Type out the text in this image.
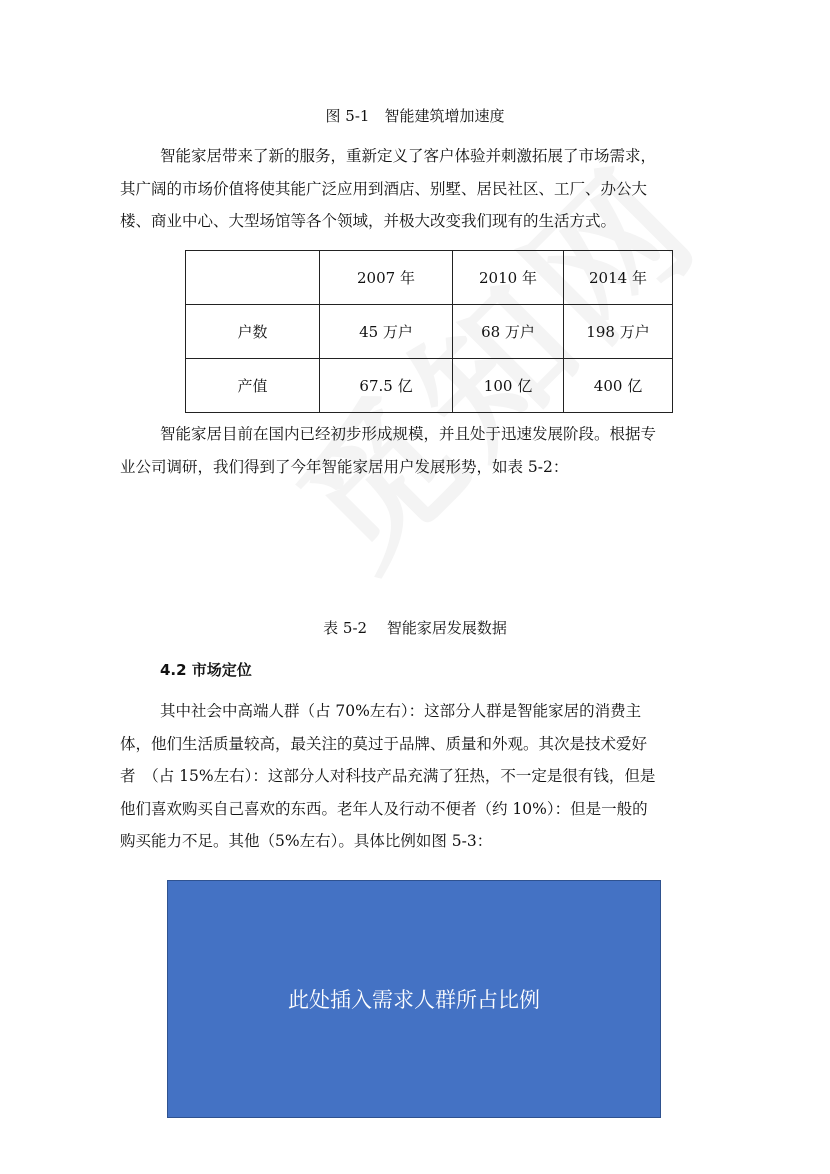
图 5-1　智能建筑增加速度
智能家居带来了新的服务，重新定义了客户体验并刺激拓展了市场需求，
其广阔的市场价值将使其能广泛应用到酒店、别墅、居民社区、工厂、办公大
楼、商业中心、大型场馆等各个领域，并极大改变我们现有的生活方式。
	2007 年	2010 年	2014 年
户数	45 万户	68 万户	198 万户
产值	67.5 亿	100 亿	400 亿
智能家居目前在国内已经初步形成规模，并且处于迅速发展阶段。根据专
业公司调研，我们得到了今年智能家居用户发展形势，如表 5-2：
表 5-2　 智能家居发展数据
4.2 市场定位
其中社会中高端人群（占 70%左右）：这部分人群是智能家居的消费主
体，他们生活质量较高，最关注的莫过于品牌、质量和外观。其次是技术爱好
者　（占 15%左右）：这部分人对科技产品充满了狂热，不一定是很有钱，但是
他们喜欢购买自己喜欢的东西。老年人及行动不便者（约 10%）：但是一般的
购买能力不足。其他（5%左右）。具体比例如图 5-3：
此处插入需求人群所占比例
